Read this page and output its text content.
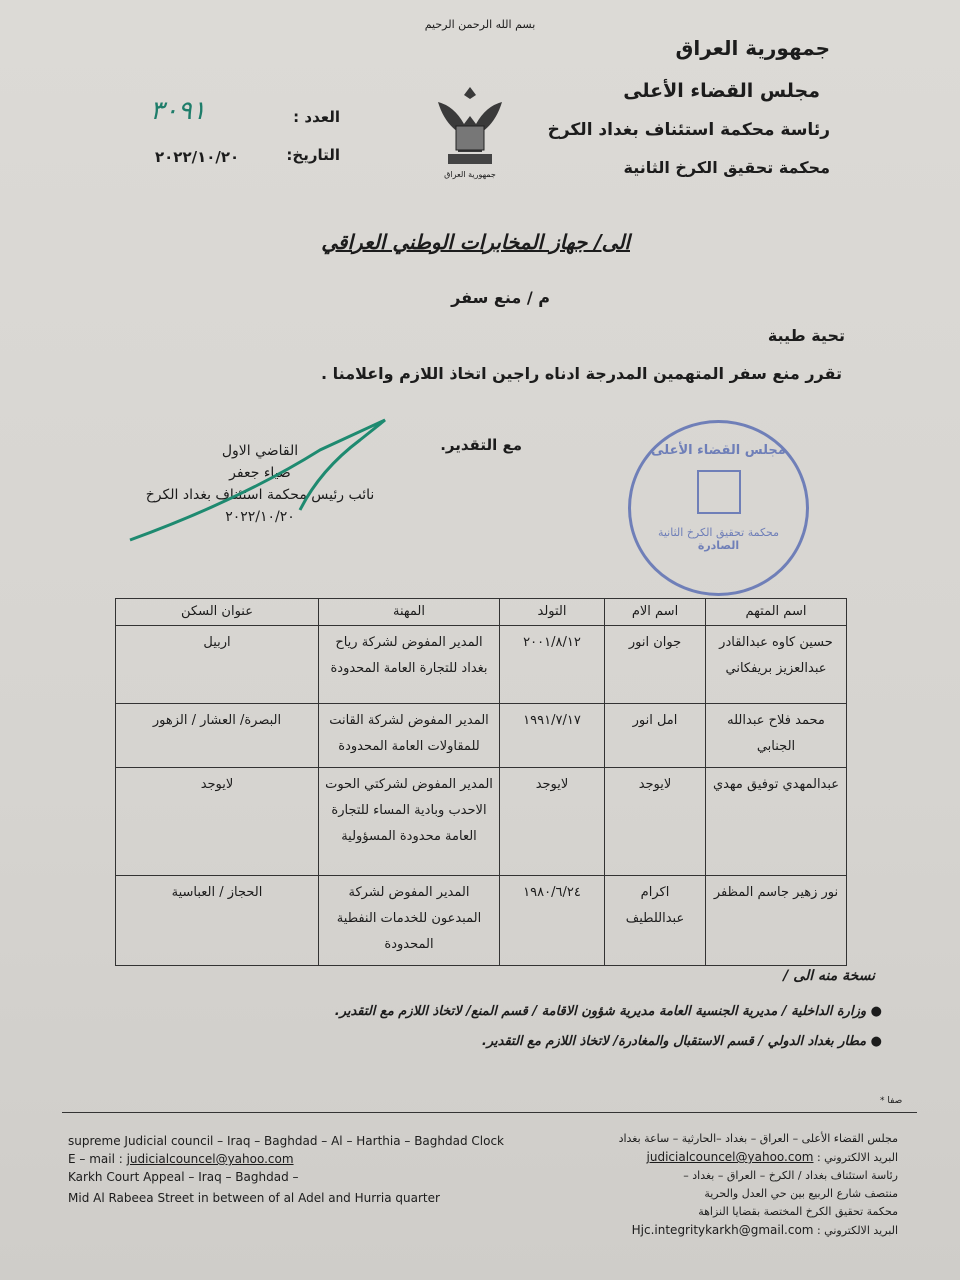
بسم الله الرحمن الرحيم
جمهورية العراق
مجلس القضاء الأعلى
رئاسة محكمة استئناف بغداد الكرخ
محكمة تحقيق الكرخ الثانية
جمهورية العراق
العدد :
٣٠٩١
التاريخ:
٢٠٢٢/١٠/٢٠
الى/ جهاز المخابرات الوطني العراقي
م / منع سفر
تحية طيبة
تقرر منع سفر المتهمين المدرجة ادناه راجين اتخاذ اللازم واعلامنا .
مع التقدير.
القاضي الاول
ضياء جعفر
نائب رئيس محكمة استئناف بغداد الكرخ
٢٠٢٢/١٠/٢٠
مجلس القضاء الأعلى
محكمة تحقيق الكرخ الثانية
الصادرة
اسم المتهم	اسم الام	التولد	المهنة	عنوان السكن
حسين كاوه عبدالقادر عبدالعزيز بريفكاني	جوان انور	٢٠٠١/٨/١٢	المدير المفوض لشركة رياح بغداد للتجارة العامة المحدودة	اربيل
محمد فلاح عبدالله الجنابي	امل انور	١٩٩١/٧/١٧	المدير المفوض لشركة القانت للمقاولات العامة المحدودة	البصرة/ العشار / الزهور
عبدالمهدي توفيق مهدي	لايوجد	لايوجد	المدير المفوض لشركتي الحوت الاحدب وبادية المساء للتجارة العامة محدودة المسؤولية	لايوجد
نور زهير جاسم المظفر	اكرام عبداللطيف	١٩٨٠/٦/٢٤	المدير المفوض لشركة المبدعون للخدمات النفطية المحدودة	الحجاز / العباسية
نسخة منه الى /
● وزارة الداخلية / مديرية الجنسية العامة مديرية شؤون الاقامة / قسم المنع/ لاتخاذ اللازم مع التقدير.
● مطار بغداد الدولي / قسم الاستقبال والمغادرة/ لاتخاذ اللازم مع التقدير.
* صفا
supreme Judicial council – Iraq – Baghdad – Al – Harthia – Baghdad Clock
E – mail : judicialcouncel@yahoo.com
Karkh Court Appeal – Iraq – Baghdad –
Mid Al Rabeea Street in between of al Adel and Hurria quarter
مجلس القضاء الأعلى – العراق – بغداد –الحارثية – ساعة بغداد
البريد الالكتروني : judicialcouncel@yahoo.com
رئاسة استئناف بغداد / الكرخ – العراق – بغداد –
منتصف شارع الربيع بين حي العدل والحرية
محكمة تحقيق الكرخ المختصة بقضايا النزاهة
البريد الالكتروني : Hjc.integritykarkh@gmail.com
